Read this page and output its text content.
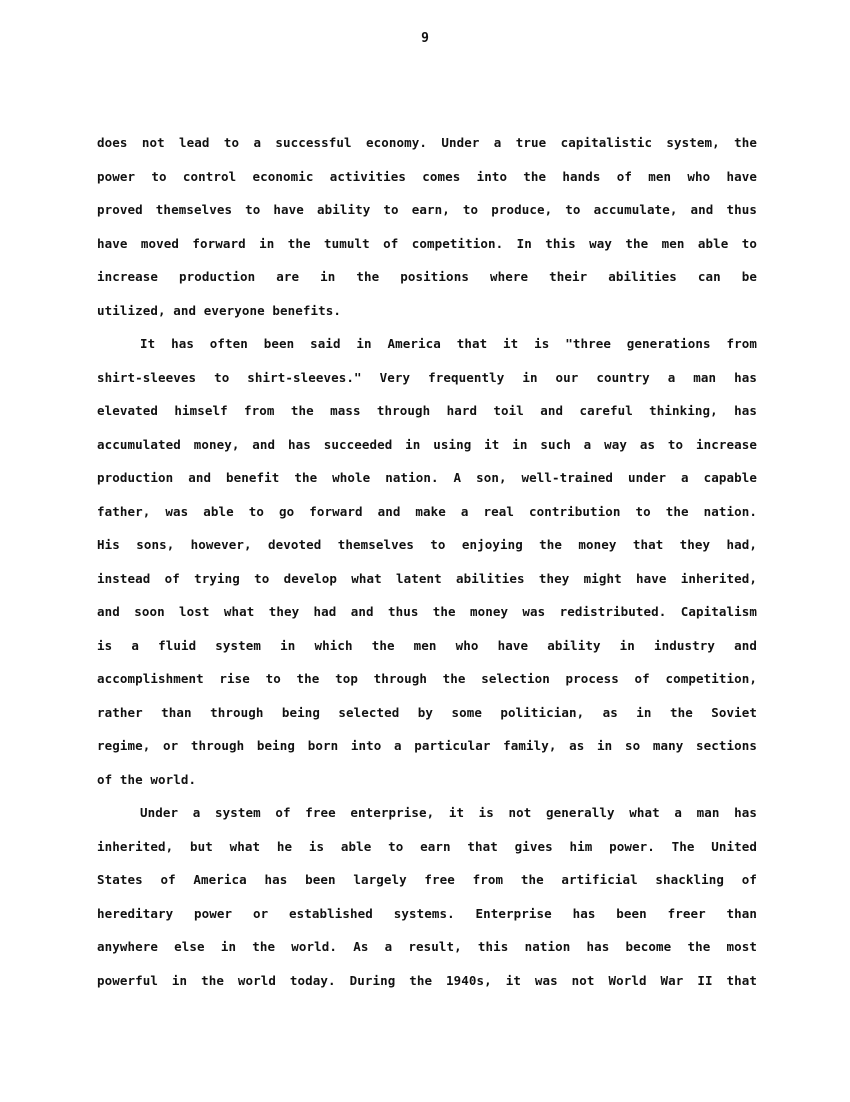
9
does not lead to a successful economy. Under a true capitalistic system, the
power to control economic activities comes into the hands of men who have
proved themselves to have ability to earn, to produce, to accumulate, and thus
have moved forward in the tumult of competition. In this way the men able to
increase production are in the positions where their abilities can be
utilized, and everyone benefits.
It has often been said in America that it is "three generations from
shirt-sleeves to shirt-sleeves." Very frequently in our country a man has
elevated himself from the mass through hard toil and careful thinking, has
accumulated money, and has succeeded in using it in such a way as to increase
production and benefit the whole nation. A son, well-trained under a capable
father, was able to go forward and make a real contribution to the nation.
His sons, however, devoted themselves to enjoying the money that they had,
instead of trying to develop what latent abilities they might have inherited,
and soon lost what they had and thus the money was redistributed. Capitalism
is a fluid system in which the men who have ability in industry and
accomplishment rise to the top through the selection process of competition,
rather than through being selected by some politician, as in the Soviet
regime, or through being born into a particular family, as in so many sections
of the world.
Under a system of free enterprise, it is not generally what a man has
inherited, but what he is able to earn that gives him power. The United
States of America has been largely free from the artificial shackling of
hereditary power or established systems. Enterprise has been freer than
anywhere else in the world. As a result, this nation has become the most
powerful in the world today. During the 1940s, it was not World War II that
